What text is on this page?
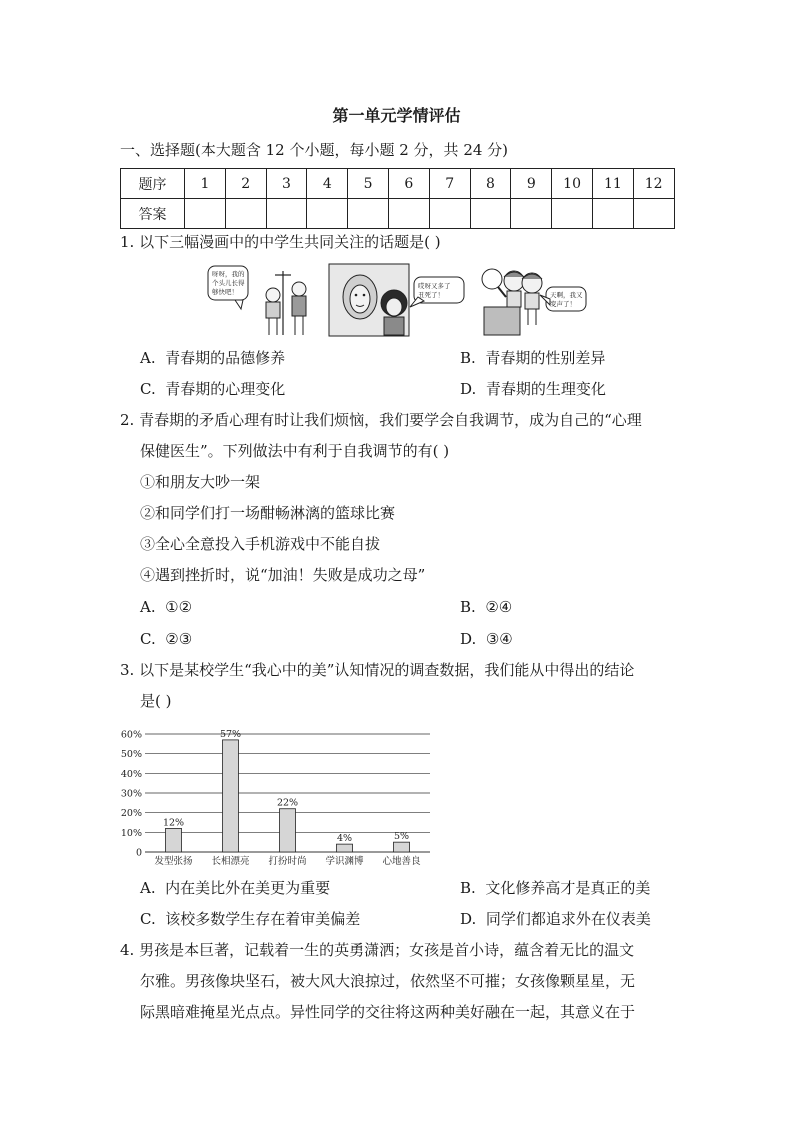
第一单元学情评估
一、选择题(本大题含 12 个小题，每小题 2 分，共 24 分)
题序	1	2	3	4	5	6	7	8	9	10	11	12
答案												
1. 以下三幅漫画中的中学生共同关注的话题是( )
呀呀，我的
个头儿长得
够快吧！
哎呀又多了
丑死了！	天啊，我又
变声了！
A. 青春期的品德修养	B. 青春期的性别差异
C. 青春期的心理变化	D. 青春期的生理变化
2. 青春期的矛盾心理有时让我们烦恼，我们要学会自我调节，成为自己的“心理
保健医生”。下列做法中有利于自我调节的有( )
①和朋友大吵一架
②和同学们打一场酣畅淋漓的篮球比赛
③全心全意投入手机游戏中不能自拔
④遇到挫折时，说“加油！失败是成功之母”
A. ①②	B. ②④
C. ②③	D. ③④
3. 以下是某校学生“我心中的美”认知情况的调查数据，我们能从中得出的结论
是( )
0
10%
20%
30%
40%
50%
60%
12%
57%
22%
4%	5%
发型张扬 长相漂亮 打扮时尚 学识渊博 心地善良
A. 内在美比外在美更为重要	B. 文化修养高才是真正的美
C. 该校多数学生存在着审美偏差	D. 同学们都追求外在仪表美
4. 男孩是本巨著，记载着一生的英勇潇洒；女孩是首小诗，蕴含着无比的温文
尔雅。男孩像块坚石，被大风大浪掠过，依然坚不可摧；女孩像颗星星，无
际黑暗难掩星光点点。异性同学的交往将这两种美好融在一起，其意义在于
